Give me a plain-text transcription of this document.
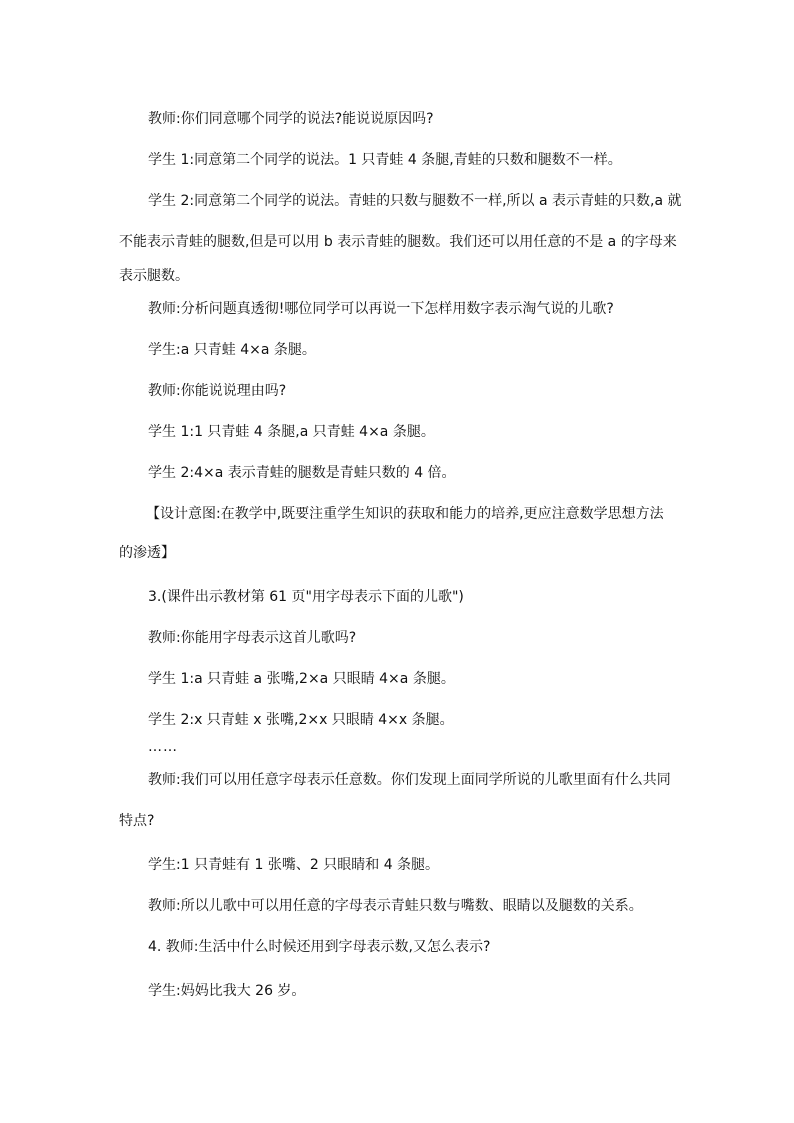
教师:你们同意哪个同学的说法?能说说原因吗?

学生 1:同意第二个同学的说法。1 只青蛙 4 条腿,青蛙的只数和腿数不一样。

学生 2:同意第二个同学的说法。青蛙的只数与腿数不一样,所以 a 表示青蛙的只数,a 就

不能表示青蛙的腿数,但是可以用 b 表示青蛙的腿数。我们还可以用任意的不是 a 的字母来

表示腿数。

教师:分析问题真透彻!哪位同学可以再说一下怎样用数字表示淘气说的儿歌?

学生:a 只青蛙 4×a 条腿。

教师:你能说说理由吗?

学生 1:1 只青蛙 4 条腿,a 只青蛙 4×a 条腿。

学生 2:4×a 表示青蛙的腿数是青蛙只数的 4 倍。

【设计意图:在教学中,既要注重学生知识的获取和能力的培养,更应注意数学思想方法

的渗透】

3.(课件出示教材第 61 页"用字母表示下面的儿歌")

教师:你能用字母表示这首儿歌吗?

学生 1:a 只青蛙 a 张嘴,2×a 只眼睛 4×a 条腿。

学生 2:x 只青蛙 x 张嘴,2×x 只眼睛 4×x 条腿。

……

教师:我们可以用任意字母表示任意数。你们发现上面同学所说的儿歌里面有什么共同

特点?

学生:1 只青蛙有 1 张嘴、2 只眼睛和 4 条腿。

教师:所以儿歌中可以用任意的字母表示青蛙只数与嘴数、眼睛以及腿数的关系。

4. 教师:生活中什么时候还用到字母表示数,又怎么表示?

学生:妈妈比我大 26 岁。
